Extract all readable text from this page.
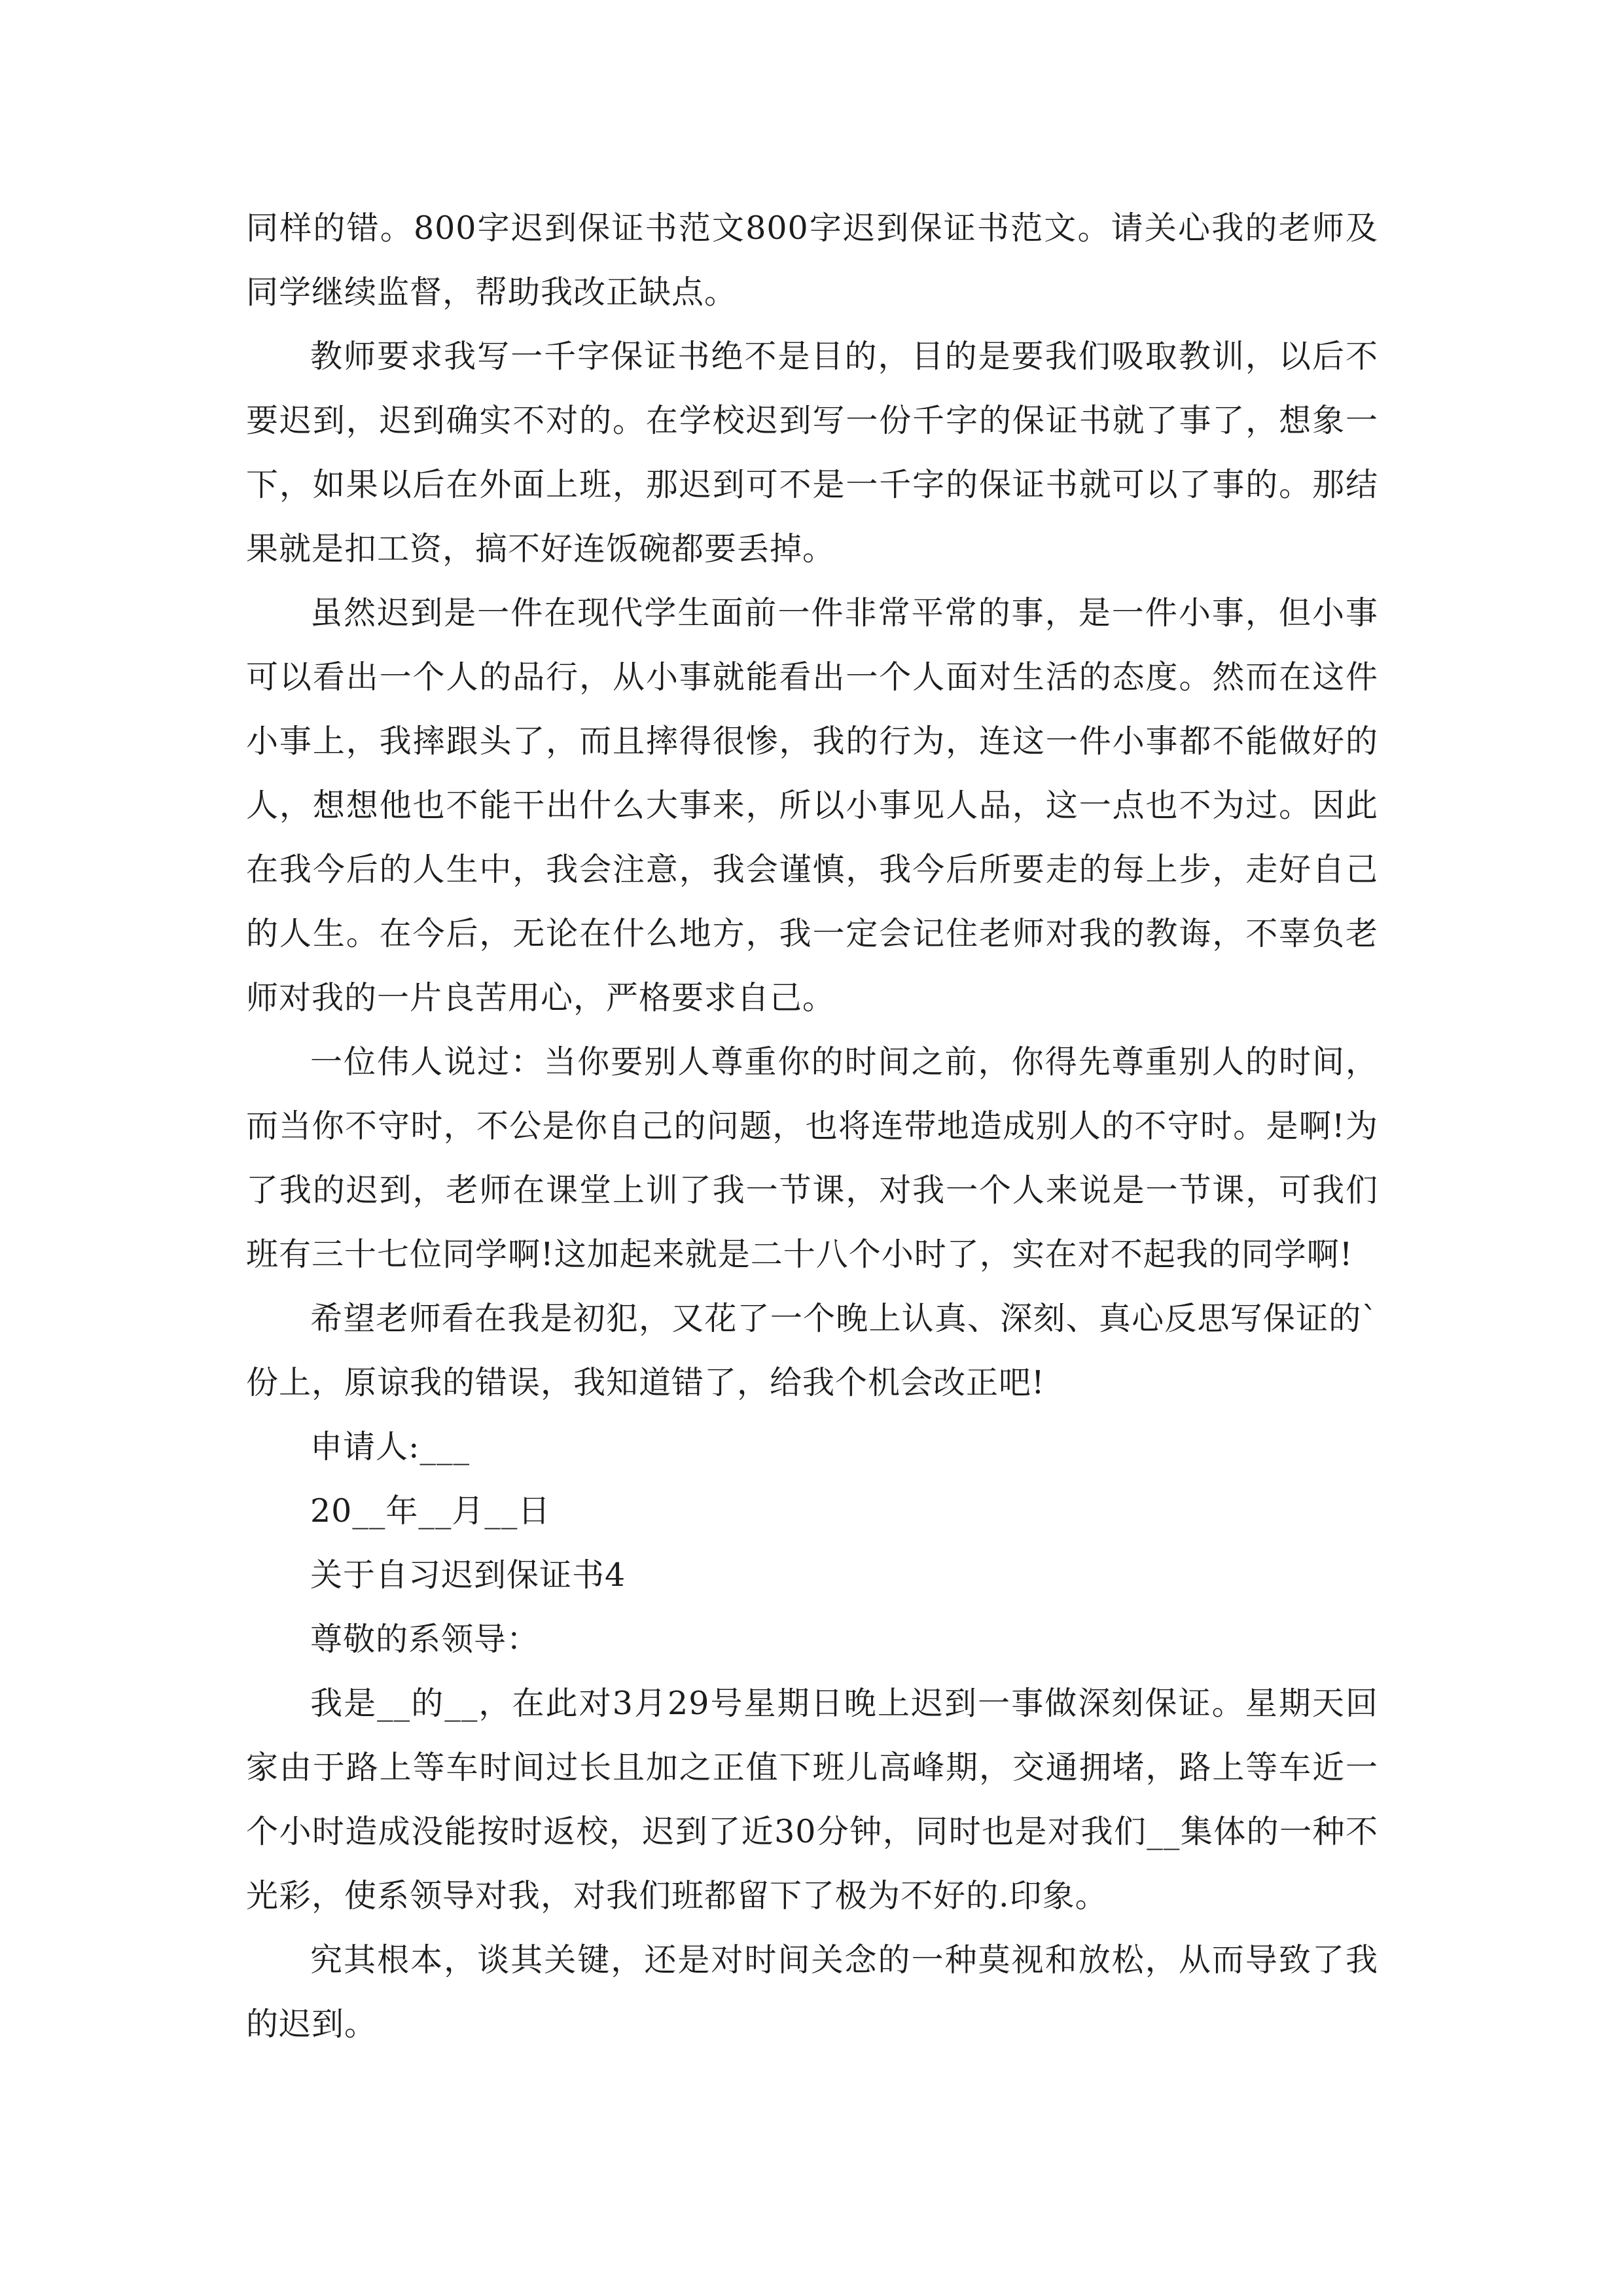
同样的错。800字迟到保证书范文800字迟到保证书范文。请关心我的老师及同学继续监督，帮助我改正缺点。

教师要求我写一千字保证书绝不是目的，目的是要我们吸取教训，以后不要迟到，迟到确实不对的。在学校迟到写一份千字的保证书就了事了，想象一下，如果以后在外面上班，那迟到可不是一千字的保证书就可以了事的。那结果就是扣工资，搞不好连饭碗都要丢掉。

虽然迟到是一件在现代学生面前一件非常平常的事，是一件小事，但小事可以看出一个人的品行，从小事就能看出一个人面对生活的态度。然而在这件小事上，我摔跟头了，而且摔得很惨，我的行为，连这一件小事都不能做好的人，想想他也不能干出什么大事来，所以小事见人品，这一点也不为过。因此在我今后的人生中，我会注意，我会谨慎，我今后所要走的每上步，走好自己的人生。在今后，无论在什么地方，我一定会记住老师对我的教诲，不辜负老师对我的一片良苦用心，严格要求自己。

一位伟人说过：当你要别人尊重你的时间之前，你得先尊重别人的时间，而当你不守时，不公是你自己的问题，也将连带地造成别人的不守时。是啊!为了我的迟到，老师在课堂上训了我一节课，对我一个人来说是一节课，可我们班有三十七位同学啊!这加起来就是二十八个小时了，实在对不起我的同学啊!

希望老师看在我是初犯，又花了一个晚上认真、深刻、真心反思写保证的`份上，原谅我的错误，我知道错了，给我个机会改正吧!

申请人:___

20__年__月__日

关于自习迟到保证书4

尊敬的系领导：

我是__的__，在此对3月29号星期日晚上迟到一事做深刻保证。星期天回家由于路上等车时间过长且加之正值下班儿高峰期，交通拥堵，路上等车近一个小时造成没能按时返校，迟到了近30分钟，同时也是对我们__集体的一种不光彩，使系领导对我，对我们班都留下了极为不好的.印象。

究其根本，谈其关键，还是对时间关念的一种莫视和放松，从而导致了我的迟到。
